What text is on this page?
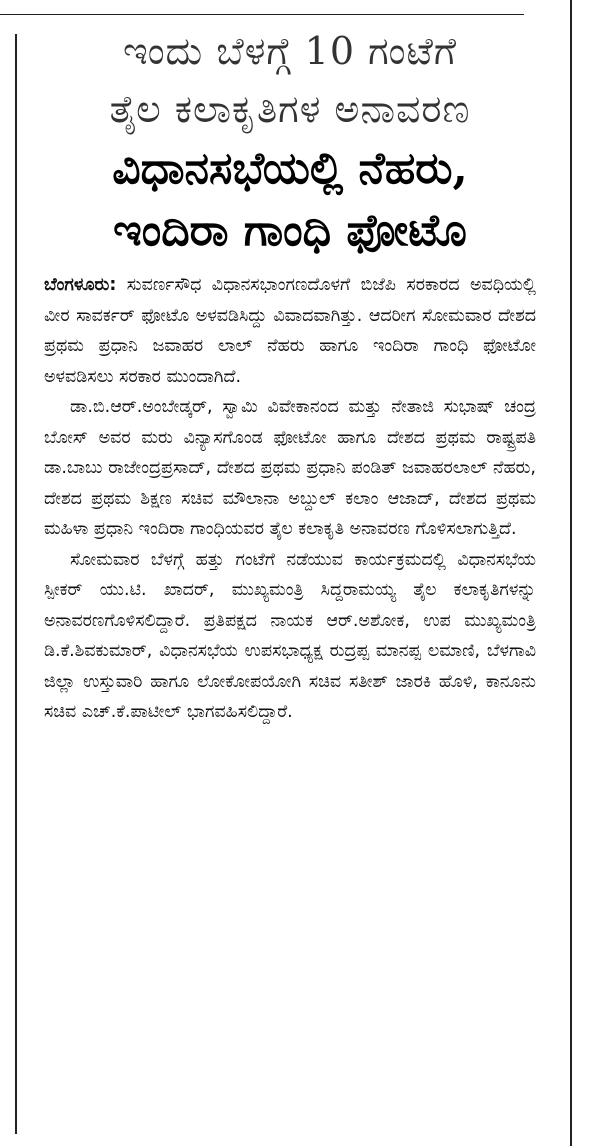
ಇಂದು ಬೆಳಗ್ಗೆ 10 ಗಂಟೆಗೆ
ತೈಲ ಕಲಾಕೃತಿಗಳ ಅನಾವರಣ
ವಿಧಾನಸಭೆಯಲ್ಲಿ ನೆಹರು,
ಇಂದಿರಾ ಗಾಂಧಿ ಫೋಟೊ

ಬೆಂಗಳೂರು: ಸುವರ್ಣಸೌಧ ವಿಧಾನಸಭಾಂಗಣದೊಳಗೆ ಬಿಜೆಪಿ ಸರಕಾರದ ಅವಧಿಯಲ್ಲಿ ವೀರ ಸಾವರ್ಕರ್ ಫೋಟೊ ಅಳವಡಿಸಿದ್ದು ವಿವಾದವಾಗಿತ್ತು. ಆದರೀಗ ಸೋಮವಾರ ದೇಶದ ಪ್ರಥಮ ಪ್ರಧಾನಿ ಜವಾಹರ ಲಾಲ್ ನೆಹರು ಹಾಗೂ ಇಂದಿರಾ ಗಾಂಧಿ ಫೋಟೋ ಅಳವಡಿಸಲು ಸರಕಾರ ಮುಂದಾಗಿದೆ.

ಡಾ.ಬಿ.ಆರ್.ಅಂಬೇಡ್ಕರ್, ಸ್ವಾಮಿ ವಿವೇಕಾನಂದ ಮತ್ತು ನೇತಾಜಿ ಸುಭಾಷ್ ಚಂದ್ರ ಬೋಸ್ ಅವರ ಮರು ವಿನ್ಯಾಸಗೊಂಡ ಫೋಟೋ ಹಾಗೂ ದೇಶದ ಪ್ರಥಮ ರಾಷ್ಟ್ರಪತಿ ಡಾ.ಬಾಬು ರಾಜೇಂದ್ರಪ್ರಸಾದ್, ದೇಶದ ಪ್ರಥಮ ಪ್ರಧಾನಿ ಪಂಡಿತ್ ಜವಾಹರಲಾಲ್ ನೆಹರು, ದೇಶದ ಪ್ರಥಮ ಶಿಕ್ಷಣ ಸಚಿವ ಮೌಲಾನಾ ಅಬ್ದುಲ್ ಕಲಾಂ ಆಜಾದ್, ದೇಶದ ಪ್ರಥಮ ಮಹಿಳಾ ಪ್ರಧಾನಿ ಇಂದಿರಾ ಗಾಂಧಿಯವರ ತೈಲ ಕಲಾಕೃತಿ ಅನಾವರಣ ಗೊಳಿಸಲಾಗುತ್ತಿದೆ.

ಸೋಮವಾರ ಬೆಳಗ್ಗೆ ಹತ್ತು ಗಂಟೆಗೆ ನಡೆಯುವ ಕಾರ್ಯಕ್ರಮದಲ್ಲಿ ವಿಧಾನಸಭೆಯ ಸ್ಪೀಕರ್ ಯು.ಟಿ. ಖಾದರ್, ಮುಖ್ಯಮಂತ್ರಿ ಸಿದ್ದರಾಮಯ್ಯ ತೈಲ ಕಲಾಕೃತಿಗಳನ್ನು ಅನಾವರಣಗೊಳಿಸಲಿದ್ದಾರೆ. ಪ್ರತಿಪಕ್ಷದ ನಾಯಕ ಆರ್.ಅಶೋಕ, ಉಪ ಮುಖ್ಯಮಂತ್ರಿ ಡಿ.ಕೆ.ಶಿವಕುಮಾರ್, ವಿಧಾನಸಭೆಯ ಉಪಸಭಾಧ್ಯಕ್ಷ ರುದ್ರಪ್ಪ ಮಾನಪ್ಪ ಲಮಾಣಿ, ಬೆಳಗಾವಿ ಜಿಲ್ಲಾ ಉಸ್ತುವಾರಿ ಹಾಗೂ ಲೋಕೋಪಯೋಗಿ ಸಚಿವ ಸತೀಶ್ ಜಾರಕಿ ಹೊಳಿ, ಕಾನೂನು ಸಚಿವ ಎಚ್.ಕೆ.ಪಾಟೀಲ್ ಭಾಗವಹಿಸಲಿದ್ದಾರೆ.
